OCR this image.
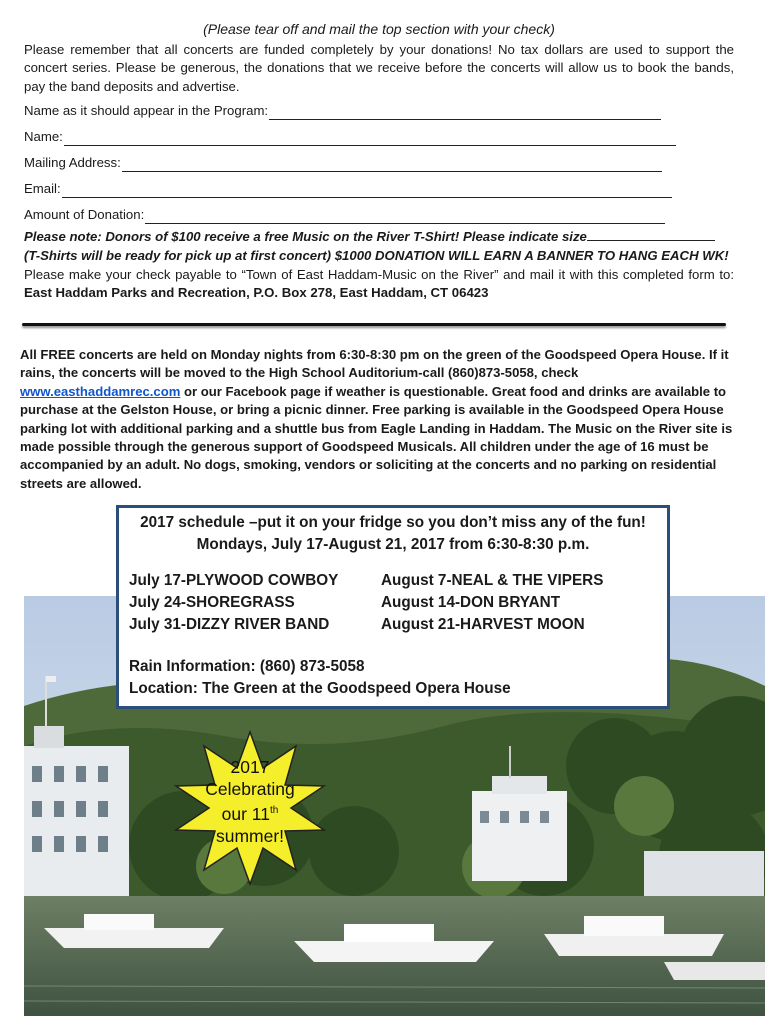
(Please tear off and mail the top section with your check)

Please remember that all concerts are funded completely by your donations! No tax dollars are used to support the concert series. Please be generous, the donations that we receive before the concerts will allow us to book the bands, pay the band deposits and advertise.

Name as it should appear in the Program:
Name:
Mailing Address:
Email:
Amount of Donation:
Please note: Donors of $100 receive a free Music on the River T-Shirt! Please indicate size
(T-Shirts will be ready for pick up at first concert) $1000 DONATION WILL EARN A BANNER TO HANG EACH WK!

Please make your check payable to “Town of East Haddam-Music on the River” and mail it with this completed form to: East Haddam Parks and Recreation, P.O. Box 278, East Haddam, CT 06423

All FREE concerts are held on Monday nights from 6:30-8:30 pm on the green of the Goodspeed Opera House. If it rains, the concerts will be moved to the High School Auditorium-call (860)873-5058, check www.easthaddamrec.com or our Facebook page if weather is questionable. Great food and drinks are available to purchase at the Gelston House, or bring a picnic dinner. Free parking is available in the Goodspeed Opera House parking lot with additional parking and a shuttle bus from Eagle Landing in Haddam. The Music on the River site is made possible through the generous support of Goodspeed Musicals. All children under the age of 16 must be accompanied by an adult. No dogs, smoking, vendors or soliciting at the concerts and no parking on residential streets are allowed.
2017 schedule –put it on your fridge so you don’t miss any of the fun!
Mondays, July 17-August 21, 2017 from 6:30-8:30 p.m.
July 17-PLYWOOD COWBOY	August 7-NEAL & THE VIPERS
July 24-SHOREGRASS	August 14-DON BRYANT
July 31-DIZZY RIVER BAND	August 21-HARVEST MOON
Rain Information: (860) 873-5058
Location: The Green at the Goodspeed Opera House
2017
Celebrating
our 11th
summer!
